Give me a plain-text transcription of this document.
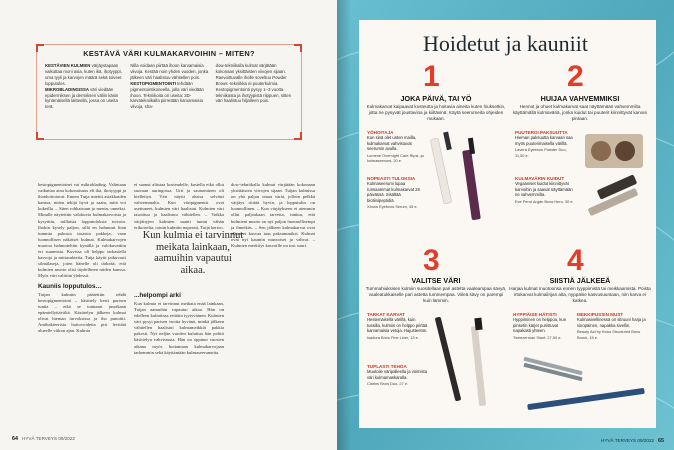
KESTÄVÄ VÄRI KULMAKARVOIHIN – MITEN?
KESTÄVIEN KULMIEN värjäystapaan vaikuttaa moni asia, kuten ikä, ihotyyppi, oma tyyli ja karvojen määrä sekä toiveet lopputulos.
MIKROBLADINGISSA väri viedään epidermiksen ja dermiksen väliin käsin kynämäisellä laitteella, jossa on useita terä.
Nilla voidaan piirtää ihoon karvamaisia viivoja. Kestää noin yhden vuoden, jonka jälkeen väri haalistuu vähitellen pois.
KESTOPIGMENTOINTI tehdään pigmentointikoneella, jolla väri viedään ihoon. Tekniikoita on useita: 3D-karvatekniikalla piirretään karvamaisia viivoja, sha-
dow-tekniikalla kulmat värjätään kokonaan yksittäisten viivojen sijaan. Raevoittuvalle iholle soveltuu Powder Brows -tekniikka ei puuterkulmia. Kestopigmentointi pysyy 1–3 vuotta tekniikasta ja ihotyypistä riippuen, sitten väri haalistuu hiljalleen pois.

kestopigmentoinet vai mikroblading. Valintaan vaikuttaa aina kokonaisuus eli ikä, ihotyyppi ja ihonhoitotavat. Ennen Tuija miettii asiakkaiden kanssa, miten tekijä hyvä ja saatu, mitä voi kokeilla. – Siten rohkaisuun ja menin, onneksi. Minulle näytettiin valokuvia kulmakarvoista ja kysyttiin, millaisia lopputuloksia toivoin. Ihokin kysely paljon, sillä en halunnut liian tummia pakosta tasaisia pakkeja, vaan luonnollisen näköiset kulmat. Kulmakarvojen muotoa hahmoteltiin kynällä ja valokuvattiin eri suunnista. Kuvissa oli helppo tarkastella kasvoja ja mittasuhteita. Tuija käytti jatkuvasti silmälaseja, joten hänelle oli tärkeää, että kulmien muoto olisi täydellinen niiden kanssa. Myös väri valittiin yhdessä.

Kauniis lopputulos…

Tuijan kulmiin päätettiin tehdä kestopigmentointi – käsittely kesti parisen tuntia – eikä se tuntunut juurikaan epämiellyttävältä. Käsittelyn jälkeen kulmat olivat hieman turvoksissa ja iho punoitti. Antibakteerista hoitovoidetta piti levittää alueelle viikon ajan. Kulmia

ei saanut altistaa kosteudelle, kastella eikä ollut suoraan auringossa. Urit ja saunominen oli kiellettyä. Väri näytti alussa selvästi vahvemmalta. Kun väripigmentit ovat asettuneet, kulmien väri haalistui. Kulmien väri tasoittuu ja haalistuu vähitellen. – Vaikka värjättyjen kulmien saanti tuntui vähän erikoiselta, totuin kulmiin nopeasti, Tuija kertoo.

...helpompi arki

Kun kulmia ei tarvinnut meikata enää lainkaan, Tuijan aamuihin vapautui aikaa. Hän on edelleen kulmiinsa erittäin tyytyväinen. Kulmien väri pysyi parisen vuotta hyvänä, minkä jälkeen vähitellen haalistui kulmameikkiä pakkia pakosti. Nyt neljän vuoden kuluttua hän pohtii käsittelyn vahvistusta. Hän on oppinut vuosien aikana myös hoitamaan kulmakarvojaan tarkemmin sekä käyttämään kulmaseerumeita.

dow-tekniikalla kulmat värjätään kokonaan yksittäisten viivojen sijaan. Tuijan kulmissa on yhä paljon omaa väriä, jolloin pelkkä värjäys riittää hyvin, ja lopputulos on luonnollinen. – Kun värjäykseen ei aiemmin ollut paljoakaan tarvetta, tuntuu, että kulmieni muoto on nyt paljon luonnollisempi ja ilmeikäs. – Sen jälkeen kulmakarvat ovat alkaneet kasvaa taas paksummiksi. Kulmat ovat nyt kauniin muotoiset ja vahvat. – Kulmien merkitys kasvoille on tosi suuri.

Kun kulmia ei tarvinnut meikata lainkaan, aamuihin vapautui aikaa.
64 HYVÄ TERVEYS 09/2022
Hoidetut ja kauniit
1
JOKA PÄIVÄ, TAI YÖ
Kulmakarvat kaipaavat kosteutta ja hoitavia aineita kuten hiuksetkin, jotta ne pysyvät joustavina ja kiiltävinä. Käytä seerumeita ohjeiden mukaan.
2
HUIJAA VAHVEMMIKSI
Hennot ja ohuet kulmakarvat saat näyttämään vahvemmilta käyttämällä kulmaväriä, jonka kuidut tai puuterit kiinnittyvät karvan pintaan.
YÖHOITAJA
Kun sinä olet unten mailla, kulmakarvat vahvistuvat seerumin avulla.
Lumene Overnight Care Ripsi- ja kulmaseerumi, 20 e.
NOPEASTI TULOKSIA
Kulmaseerumi lupaa runsaammat kulmakarvat 28 päivässä. Sisältää biotiinipeptidiä.
Xbrow Eyebrow Serum, 45 e.
PUUTEROI PAKSUUTTA
Hieman paksuutta karvaan saa myös puuterimaisella värillä.
Lavera Eyebrow Powder Duo, 11,50 e.
KULMAVÄRIN KUIDUT
Vegaaniset kuidut kiinnittyvät karvoihin ja saavat näyttämään ne vahvemmilta.
Eve Perot Argan Brow Hero, 30 e.
3
VALITSE VÄRI
Tummahiuksisen kulmiin suositellaan pari astetta vaaleampaa sävyä, vaaleatukkaiselle pari astetta tummempaa. Viileä sävy on parempi kuin lämmin.
4
SIISTIÄ JÄLKEEÄ
Harjaa kulmat muotoonsa ennen tyyppimistä tai meikkaamista. Poista irtokarvat kulmalinjan alta, nyppäise kasvusuuntaan, niin karva ei katkea.
TARKAT KARVAT
Hestemäisellä värillä, kuin tussilla, kulmiin on helppo piirtää karvamaisia vetoja. Hajusteeton.
Isadora Brow Fine Liner, 13 e.
TUPLASTI TEHOA
Muotoile väripalleella ja voimista väri kulmamaskaralla.
Clarins Brow Duo, 27 e.
HYPPIÄISE HÄTISTI
Hyppiminen on helppoa, kun pinsetin kärjet puristuvat napakasti yhteen.
Tweezerman Slant, 27,50 e.
MEKKIPUSSIN MUST
Kulmasivellinessä on sitruuni harja ja vinopäinen, napakka sivellin.
Beauty Aid by Kicks Structured Brow Brush, 15 e.
HYVÄ TERVEYS 09/2022 65
